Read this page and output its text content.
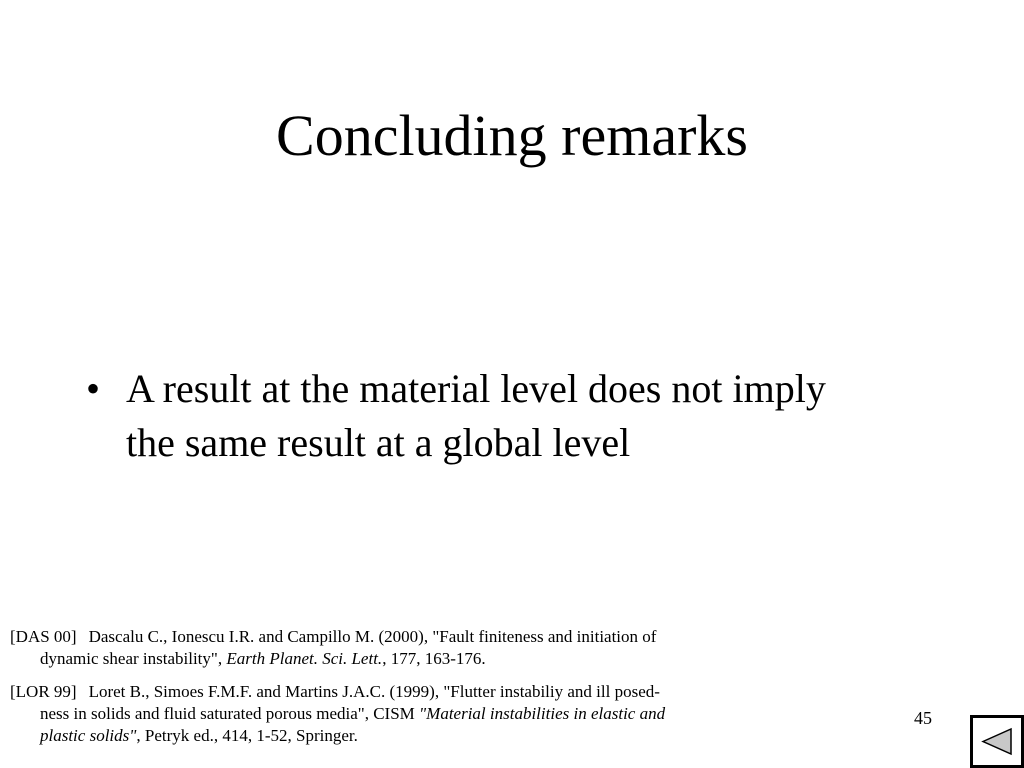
Concluding remarks
• A result at the material level does not imply
the same result at a global level
[DAS 00] Dascalu C., Ionescu I.R. and Campillo M. (2000), "Fault finiteness and initiation of
dynamic shear instability", Earth Planet. Sci. Lett., 177, 163-176.
[LOR 99] Loret B., Simoes F.M.F. and Martins J.A.C. (1999), "Flutter instabiliy and ill posed-
ness in solids and fluid saturated porous media", CISM "Material instabilities in elastic and
plastic solids", Petryk ed., 414, 1-52, Springer.
45
